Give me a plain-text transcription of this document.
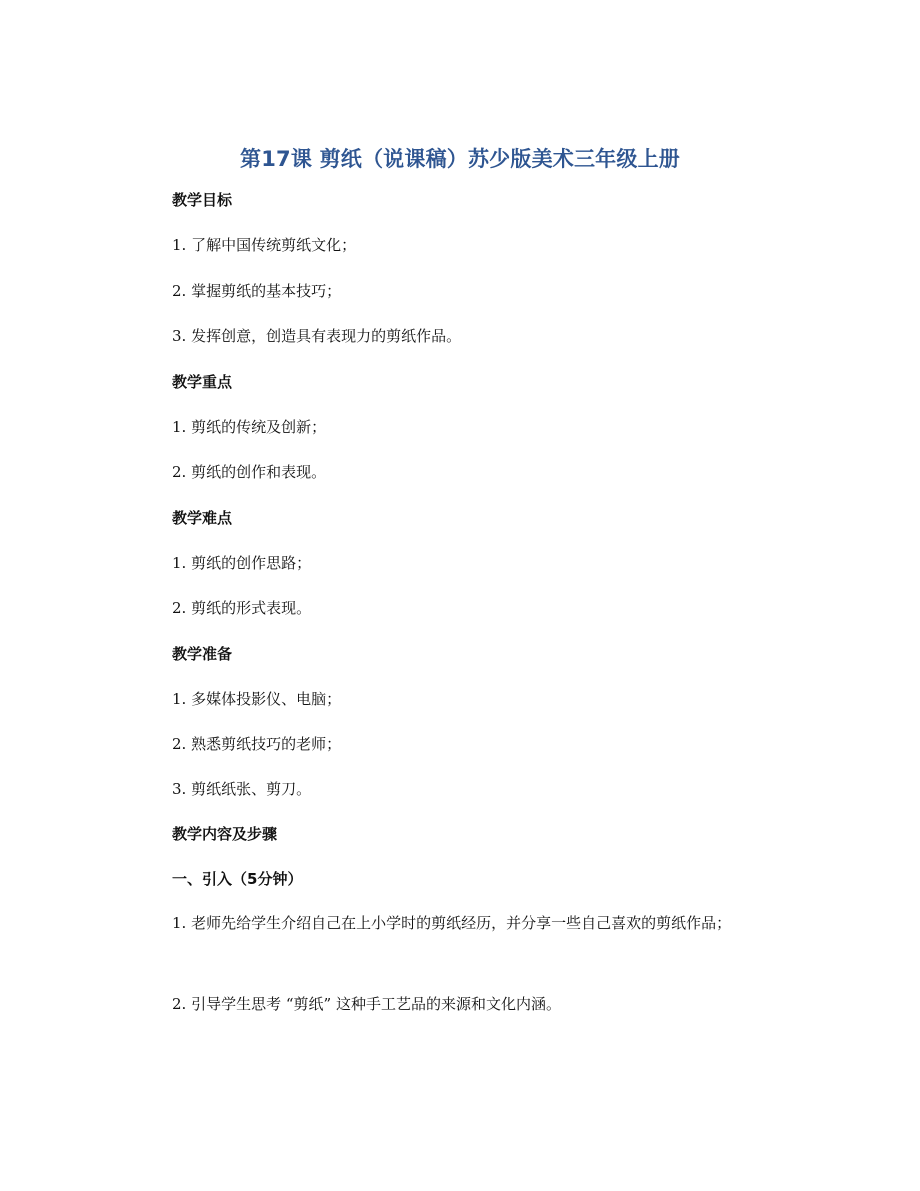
第17课 剪纸（说课稿）苏少版美术三年级上册
教学目标
1. 了解中国传统剪纸文化；
2. 掌握剪纸的基本技巧；
3. 发挥创意，创造具有表现力的剪纸作品。
教学重点
1. 剪纸的传统及创新；
2. 剪纸的创作和表现。
教学难点
1. 剪纸的创作思路；
2. 剪纸的形式表现。
教学准备
1. 多媒体投影仪、电脑；
2. 熟悉剪纸技巧的老师；
3. 剪纸纸张、剪刀。
教学内容及步骤
一、引入（5分钟）
1. 老师先给学生介绍自己在上小学时的剪纸经历，并分享一些自己喜欢的剪纸作品；
2. 引导学生思考 “剪纸” 这种手工艺品的来源和文化内涵。
